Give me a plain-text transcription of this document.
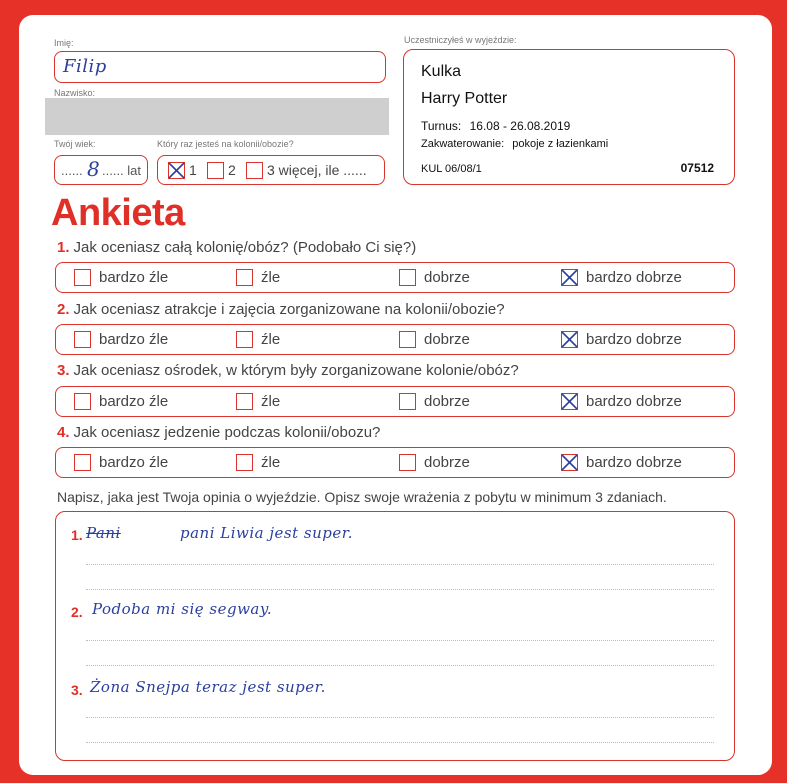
Imię:
Filip
Nazwisko:
Twój wiek:
...... 8 ...... lat
Który raz jesteś na kolonii/obozie?
1 2 3 więcej, ile ......
Uczestniczyłeś w wyjeździe:
Kulka
Harry Potter
Turnus: 16.08 - 26.08.2019
Zakwaterowanie: pokoje z łazienkami
KUL 06/08/1	07512
Ankieta
1. Jak oceniasz całą kolonię/obóz? (Podobało Ci się?)
bardzo źle	źle	dobrze	bardzo dobrze
2. Jak oceniasz atrakcje i zajęcia zorganizowane na kolonii/obozie?
bardzo źle	źle	dobrze	bardzo dobrze
3. Jak oceniasz ośrodek, w którym były zorganizowane kolonie/obóz?
bardzo źle	źle	dobrze	bardzo dobrze
4. Jak oceniasz jedzenie podczas kolonii/obozu?
bardzo źle	źle	dobrze	bardzo dobrze
Napisz, jaka jest Twoja opinia o wyjeździe. Opisz swoje wrażenia z pobytu w minimum 3 zdaniach.
1. Pani	pani Liwia jest super.
2. Podoba mi się segway.
3. Żona Snejpa teraz jest super.
